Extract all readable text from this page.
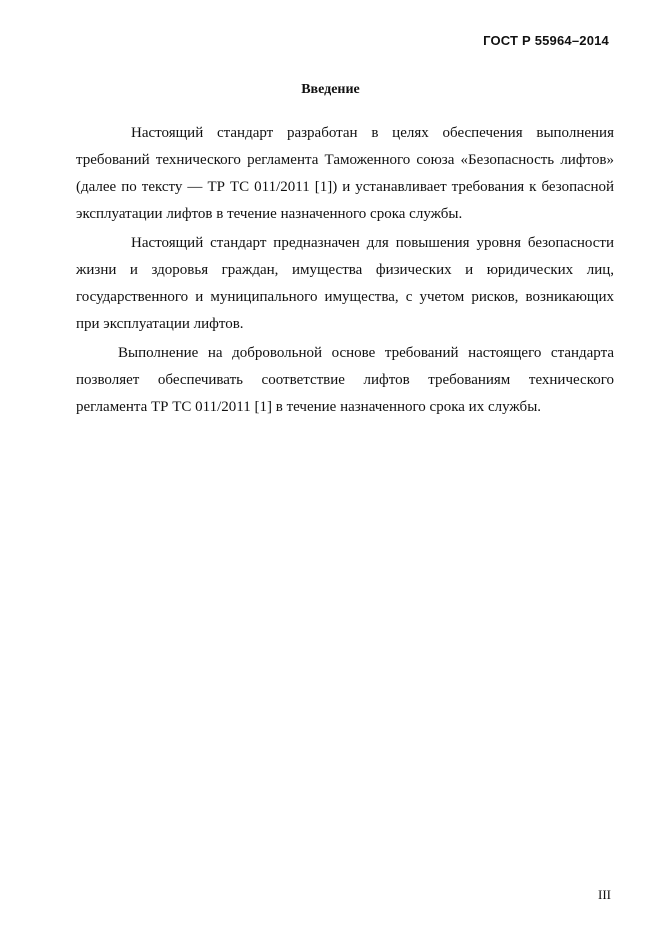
ГОСТ Р 55964–2014
Введение

Настоящий стандарт разработан в целях обеспечения выполнения требований технического регламента Таможенного союза «Безопасность лифтов» (далее по тексту — ТР ТС 011/2011 [1]) и устанавливает требования к безопасной эксплуатации лифтов в течение назначенного срока службы.

Настоящий стандарт предназначен для повышения уровня безопасности жизни и здоровья граждан, имущества физических и юридических лиц, государственного и муниципального имущества, с учетом рисков, возникающих при эксплуатации лифтов.

Выполнение на добровольной основе требований настоящего стандарта позволяет обеспечивать соответствие лифтов требованиям технического регламента ТР ТС 011/2011 [1] в течение назначенного срока их службы.

III
